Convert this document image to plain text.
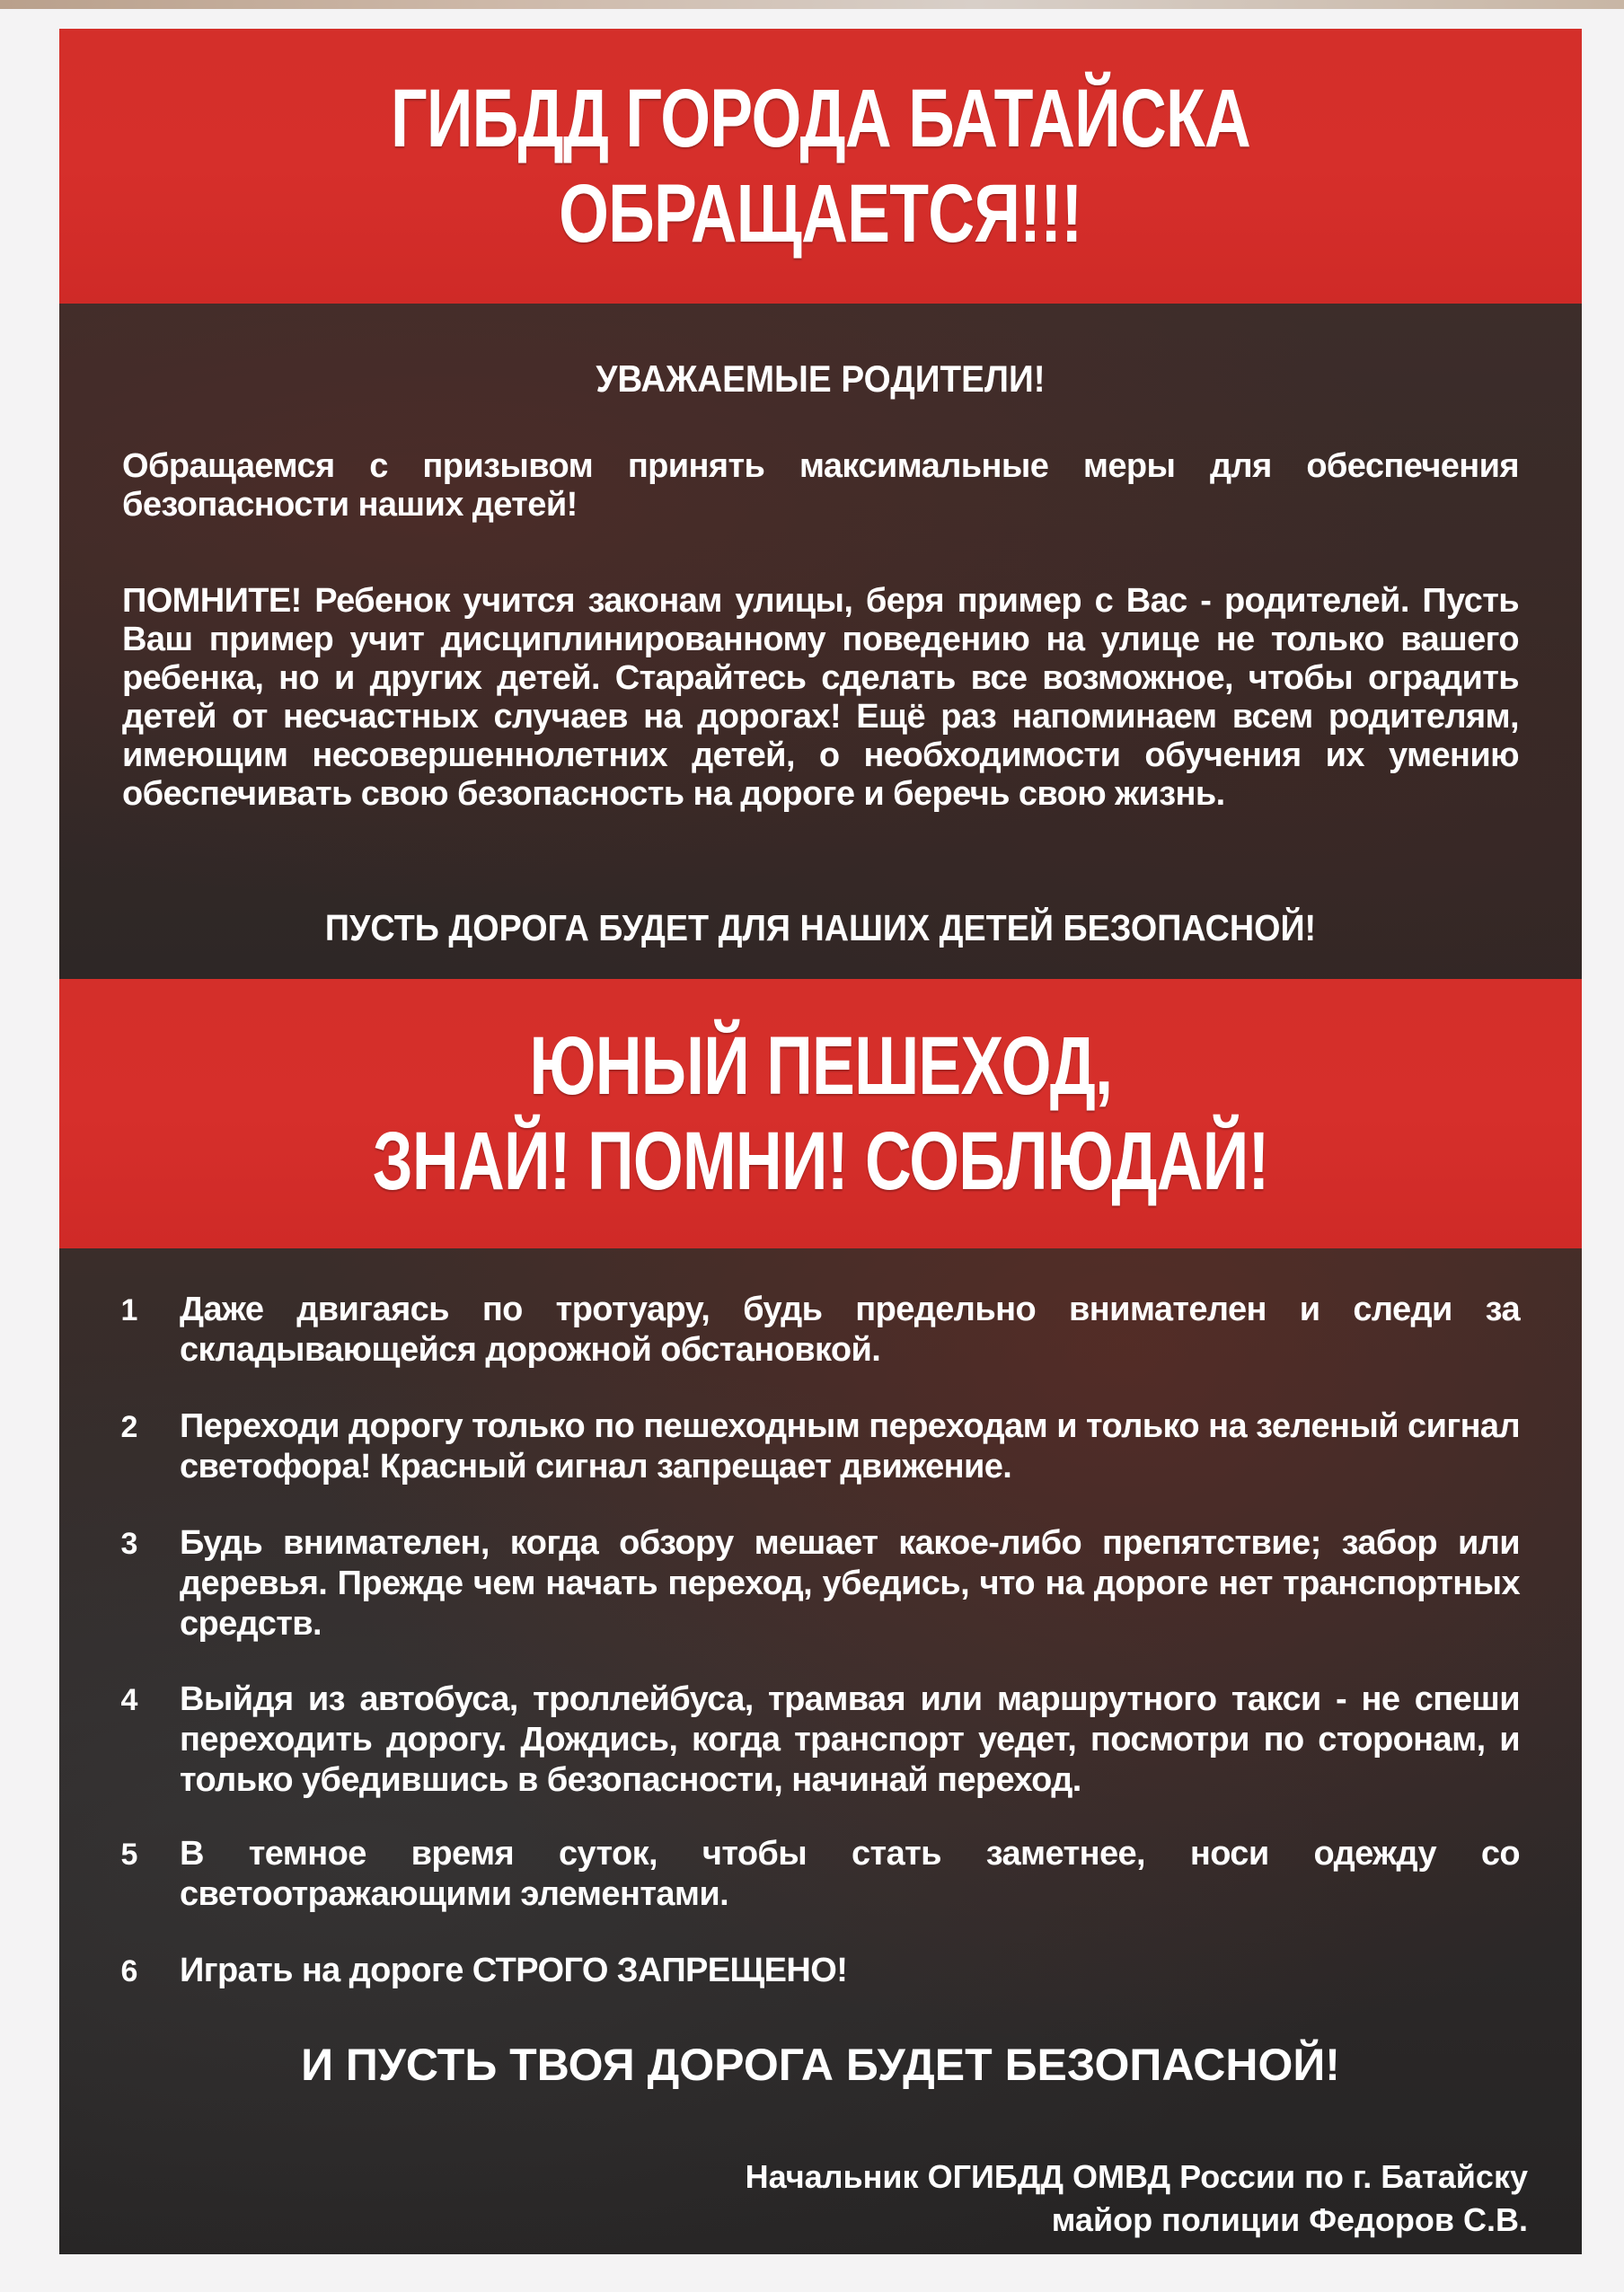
ГИБДД ГОРОДА БАТАЙСКА
ОБРАЩАЕТСЯ!!!
УВАЖАЕМЫЕ РОДИТЕЛИ!
Обращаемся с призывом принять максимальные меры для обеспечения безопасности наших детей!
ПОМНИТЕ! Ребенок учится законам улицы, беря пример с Вас - родителей. Пусть Ваш пример учит дисциплинированному поведению на улице не только вашего ребенка, но и других детей. Старайтесь сделать все возможное, чтобы оградить детей от несчастных случаев на дорогах! Ещё раз напоминаем всем родителям, имеющим несовершеннолетних детей, о необходимости обучения их умению обеспечивать свою безопасность на дороге и беречь свою жизнь.
ПУСТЬ ДОРОГА БУДЕТ ДЛЯ НАШИХ ДЕТЕЙ БЕЗОПАСНОЙ!
ЮНЫЙ ПЕШЕХОД,
ЗНАЙ! ПОМНИ! СОБЛЮДАЙ!
1	Даже двигаясь по тротуару, будь предельно внимателен и следи за складывающейся дорожной обстановкой.
2	Переходи дорогу только по пешеходным переходам и только на зеленый сигнал светофора! Красный сигнал запрещает движение.
3	Будь внимателен, когда обзору мешает какое-либо препятствие; забор или деревья. Прежде чем начать переход, убедись, что на дороге нет транспортных средств.
4	Выйдя из автобуса, троллейбуса, трамвая или маршрутного такси - не спеши переходить дорогу. Дождись, когда транспорт уедет, посмотри по сторонам, и только убедившись в безопасности, начинай переход.
5	В темное время суток, чтобы стать заметнее, носи одежду со светоотражающими элементами.
6	Играть на дороге СТРОГО ЗАПРЕЩЕНО!
И ПУСТЬ ТВОЯ ДОРОГА БУДЕТ БЕЗОПАСНОЙ!
Начальник ОГИБДД ОМВД России по г. Батайску
майор полиции Федоров С.В.
